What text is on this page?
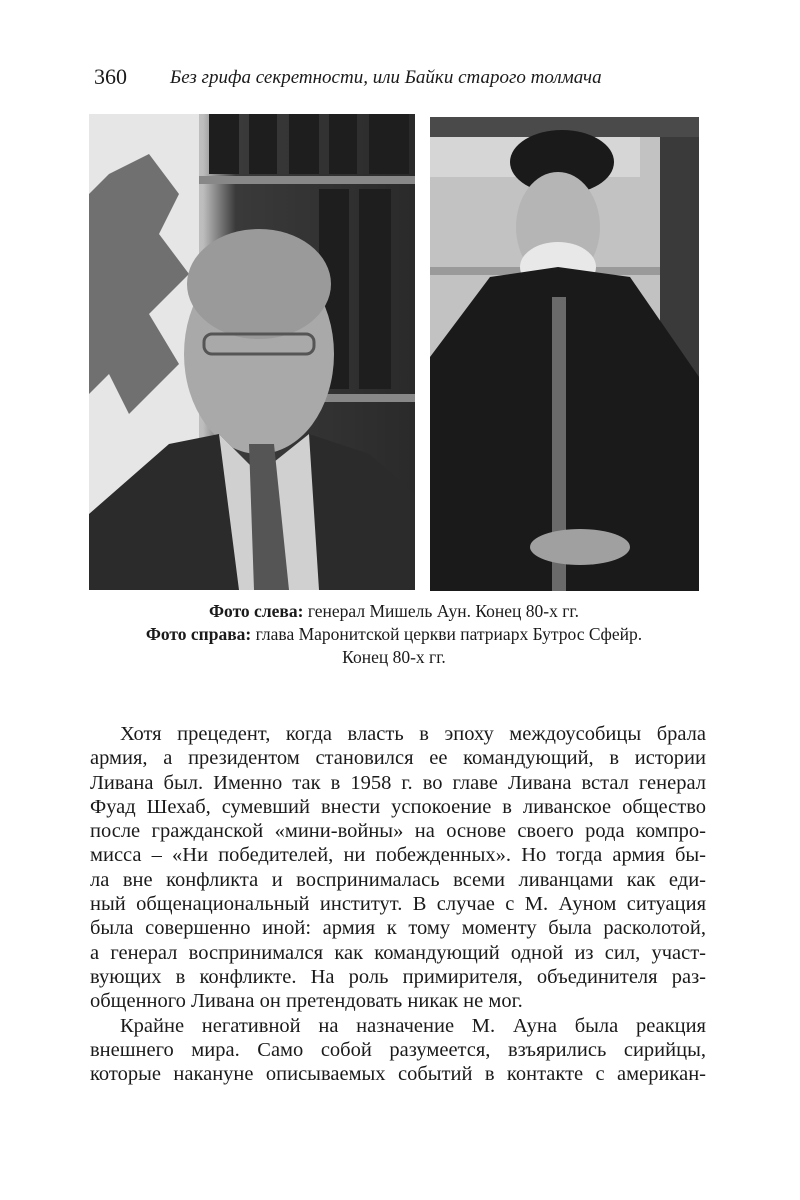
360 Без грифа секретности, или Байки старого толмача
Фото слева: генерал Мишель Аун. Конец 80-х гг.
Фото справа: глава Маронитской церкви патриарх Бутрос Сфейр.
Конец 80-х гг.

Хотя прецедент, когда власть в эпоху междоусобицы брала
армия, а президентом становился ее командующий, в истории
Ливана был. Именно так в 1958 г. во главе Ливана встал генерал
Фуад Шехаб, сумевший внести успокоение в ливанское общество
после гражданской «мини-войны» на основе своего рода компро-
мисса – «Ни победителей, ни побежденных». Но тогда армия бы-
ла вне конфликта и воспринималась всеми ливанцами как еди-
ный общенациональный институт. В случае с М. Ауном ситуация
была совершенно иной: армия к тому моменту была расколотой,
а генерал воспринимался как командующий одной из сил, участ-
вующих в конфликте. На роль примирителя, объединителя раз-
общенного Ливана он претендовать никак не мог.

Крайне негативной на назначение М. Ауна была реакция
внешнего мира. Само собой разумеется, взъярились сирийцы,
которые накануне описываемых событий в контакте с американ-
